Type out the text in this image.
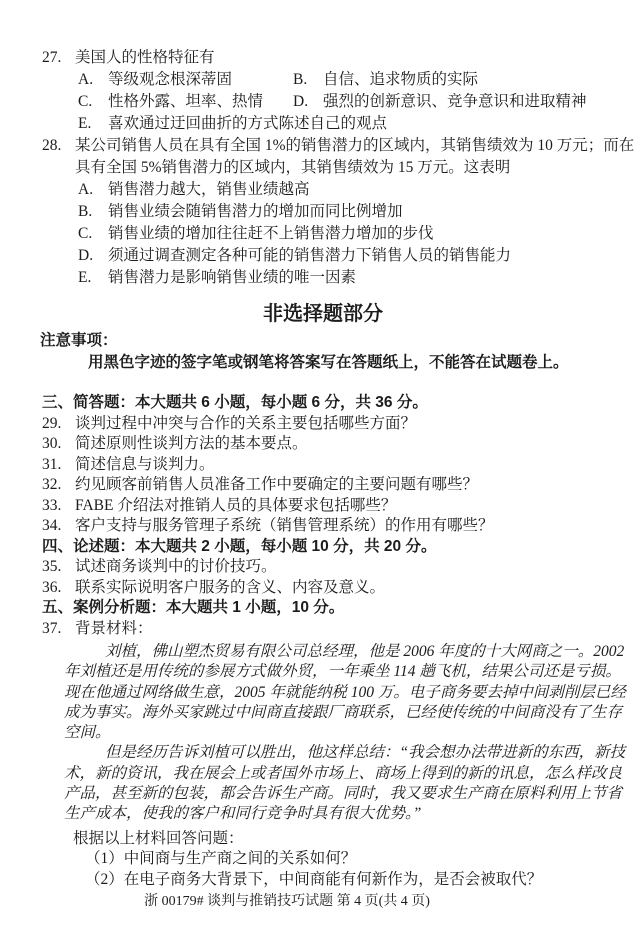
27. 美国人的性格特征有
A. 等级观念根深蒂固	B.	自信、追求物质的实际
C.	性格外露、坦率、热情 D. 强烈的创新意识、竞争意识和进取精神
E.	喜欢通过迂回曲折的方式陈述自己的观点
28. 某公司销售人员在具有全国 1%的销售潜力的区域内，其销售绩效为 10 万元；而在
具有全国 5%销售潜力的区域内，其销售绩效为 15 万元。这表明
A. 销售潜力越大，销售业绩越高
B.	销售业绩会随销售潜力的增加而同比例增加
C.	销售业绩的增加往往赶不上销售潜力增加的步伐
D. 须通过调查测定各种可能的销售潜力下销售人员的销售能力
E.	销售潜力是影响销售业绩的唯一因素
非选择题部分
注意事项：
用黑色字迹的签字笔或钢笔将答案写在答题纸上，不能答在试题卷上。
三、简答题：本大题共 6 小题，每小题 6 分，共 36 分。
29. 谈判过程中冲突与合作的关系主要包括哪些方面？
30. 简述原则性谈判方法的基本要点。
31. 简述信息与谈判力。
32. 约见顾客前销售人员准备工作中要确定的主要问题有哪些？
33. FABE 介绍法对推销人员的具体要求包括哪些？
34. 客户支持与服务管理子系统（销售管理系统）的作用有哪些？
四、论述题：本大题共 2 小题，每小题 10 分，共 20 分。
35. 试述商务谈判中的讨价技巧。
36. 联系实际说明客户服务的含义、内容及意义。
五、案例分析题：本大题共 1 小题，10 分。
37. 背景材料：
刘植，佛山塑杰贸易有限公司总经理，他是 2006 年度的十大网商之一。2002
年刘植还是用传统的参展方式做外贸，一年乘坐 114 趟飞机，结果公司还是亏损。
现在他通过网络做生意，2005 年就能纳税 100 万。电子商务要去掉中间剥削层已经
成为事实。海外买家跳过中间商直接跟厂商联系，已经使传统的中间商没有了生存
空间。
但是经历告诉刘植可以胜出，他这样总结：“我会想办法带进新的东西，新技
术，新的资讯，我在展会上或者国外市场上、商场上得到的新的讯息，怎么样改良
产品，甚至新的包装，都会告诉生产商。同时，我又要求生产商在原料利用上节省
生产成本，使我的客户和同行竞争时具有很大优势。”
根据以上材料回答问题：
（1） 中间商与生产商之间的关系如何？
（2） 在电子商务大背景下，中间商能有何新作为，是否会被取代？
浙 00179# 谈判与推销技巧试题 第 4 页(共 4 页)
